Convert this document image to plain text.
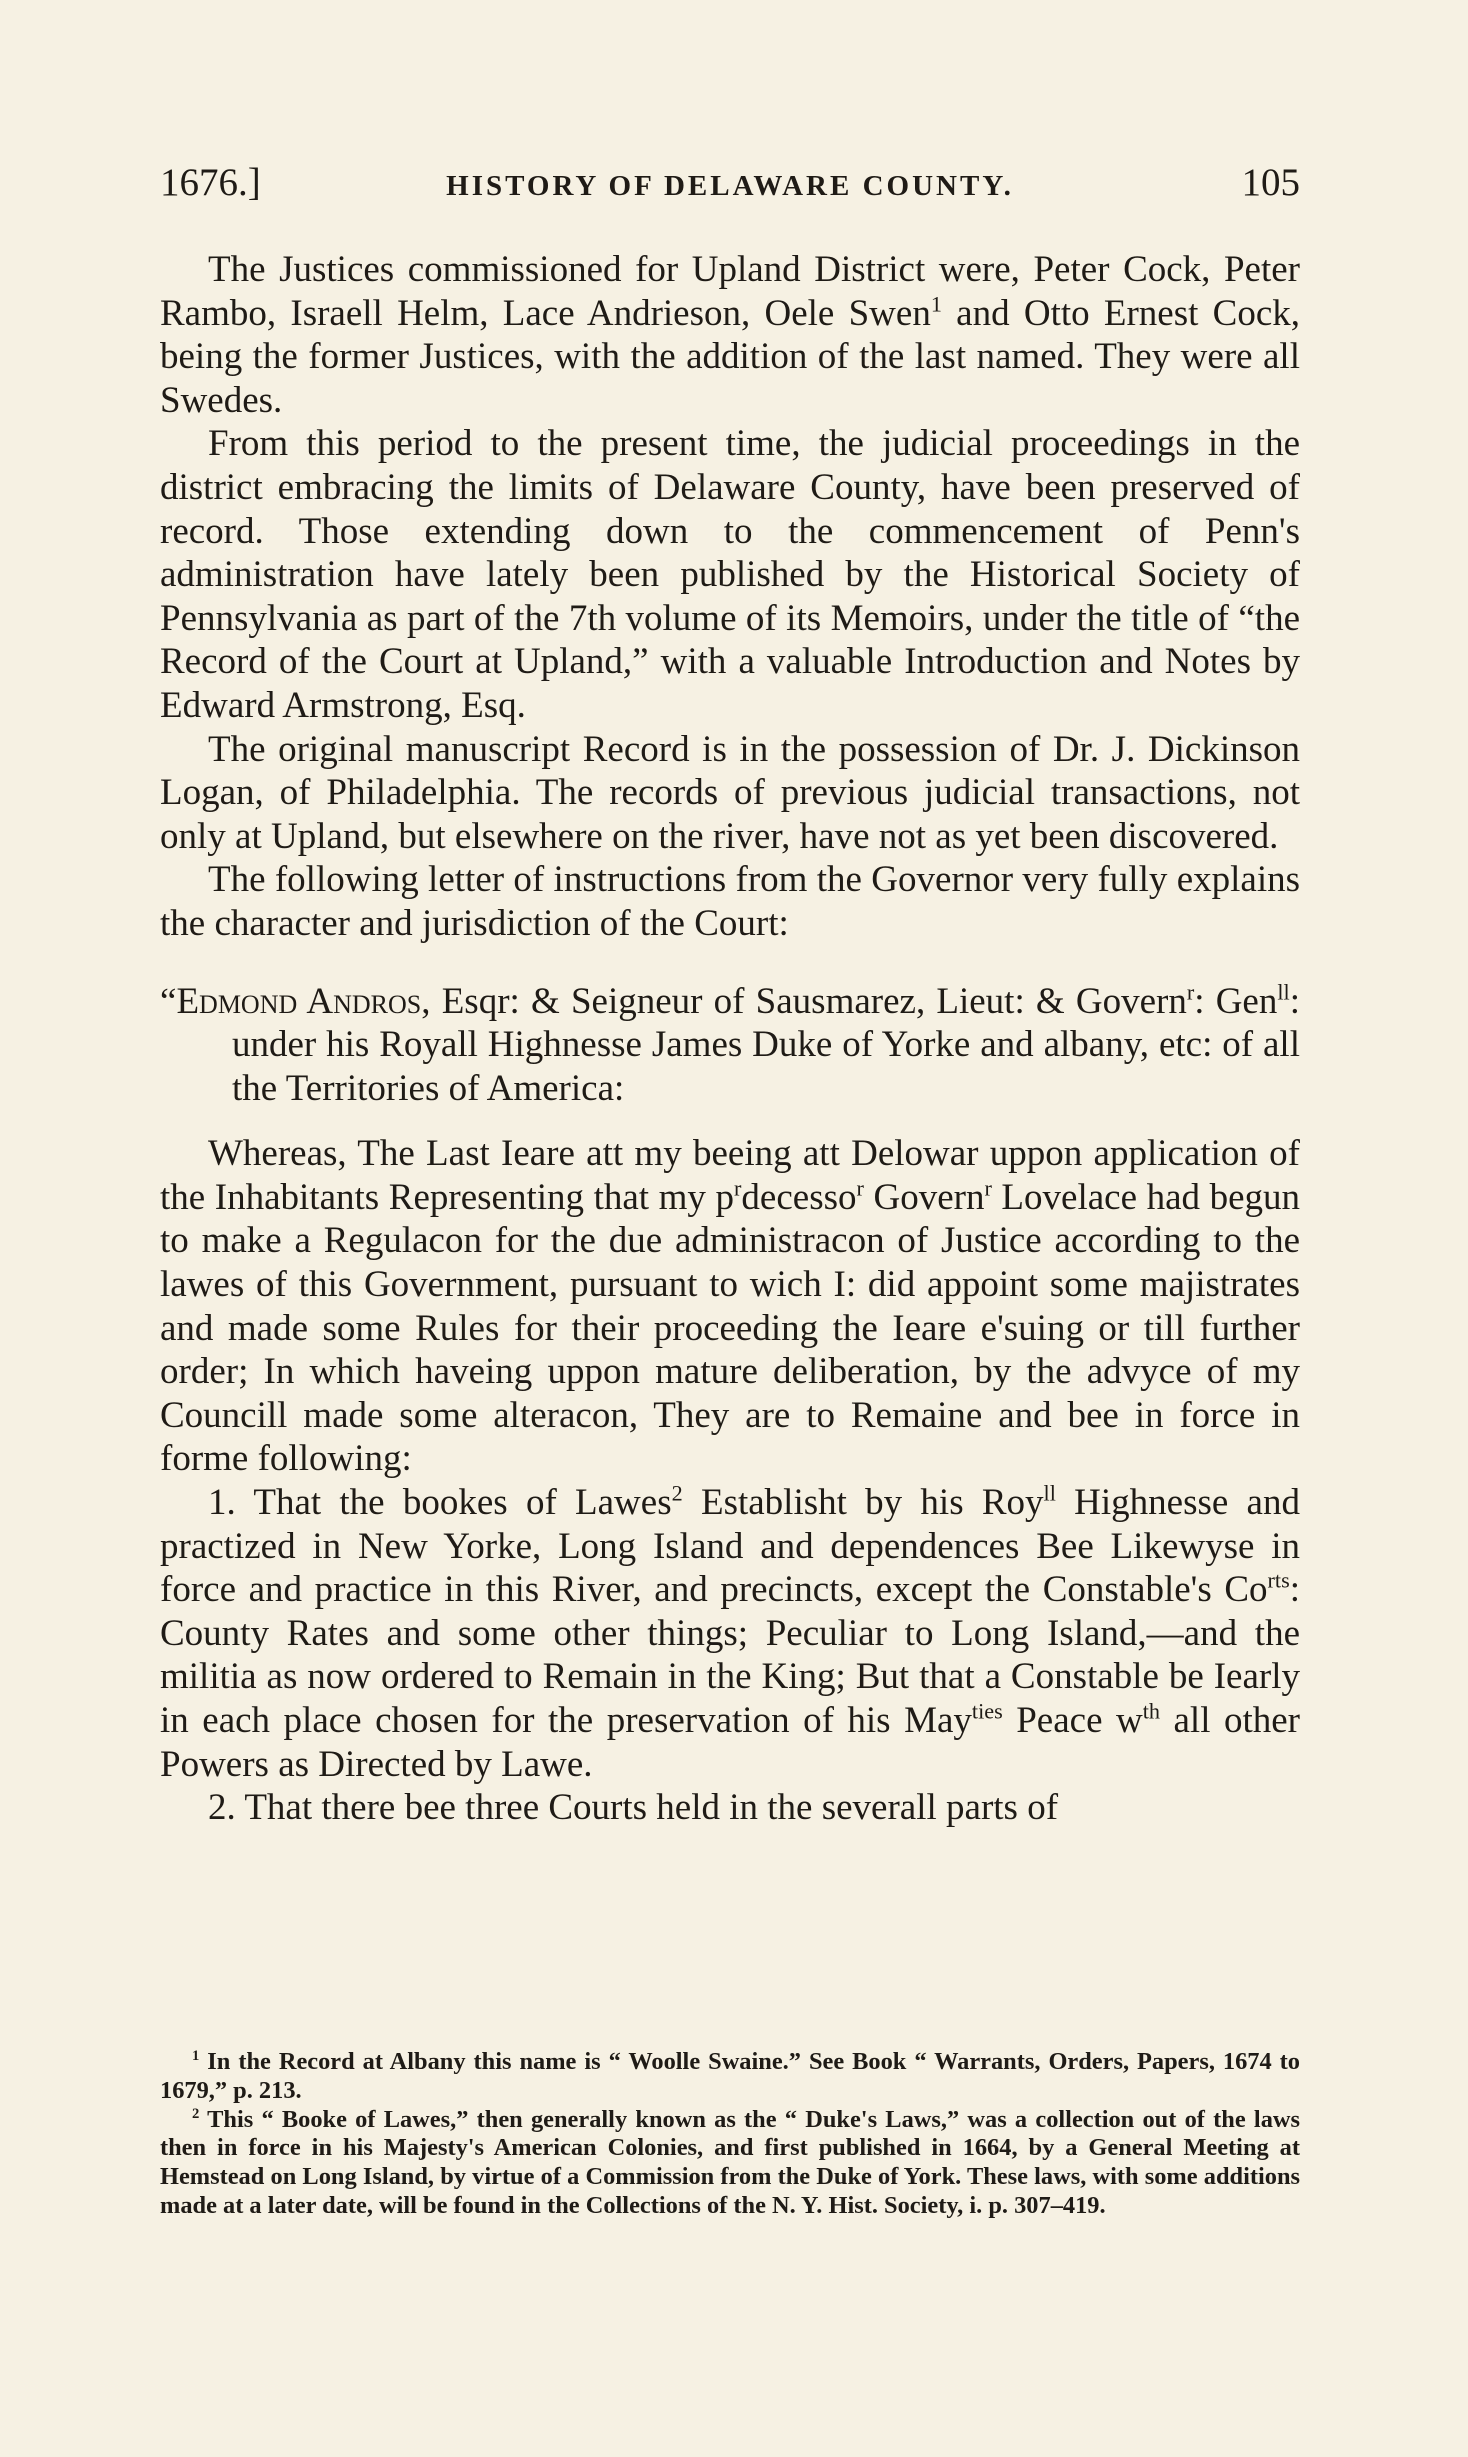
1676.]	HISTORY OF DELAWARE COUNTY.	105

The Justices commissioned for Upland District were, Peter Cock, Peter Rambo, Israell Helm, Lace Andrieson, Oele Swen$^1$ and Otto Ernest Cock, being the former Justices, with the addition of the last named. They were all Swedes.

From this period to the present time, the judicial proceedings in the district embracing the limits of Delaware County, have been preserved of record. Those extending down to the commencement of Penn's administration have lately been published by the Historical Society of Pennsylvania as part of the 7th volume of its Memoirs, under the title of “the Record of the Court at Upland,” with a valuable Introduction and Notes by Edward Armstrong, Esq.

The original manuscript Record is in the possession of Dr. J. Dickinson Logan, of Philadelphia. The records of previous judicial transactions, not only at Upland, but elsewhere on the river, have not as yet been discovered.

The following letter of instructions from the Governor very fully explains the character and jurisdiction of the Court:

“Edmond Andros, Esqr: & Seigneur of Sausmarez, Lieut: & Govern$^r$: Gen$^{ll}$: under his Royall Highnesse James Duke of Yorke and albany, etc: of all the Territories of America:

Whereas, The Last Ieare att my beeing att Delowar uppon application of the Inhabitants Representing that my $p^rdecesso^r$ Govern$^r$ Lovelace had begun to make a Regulacon for the due administracon of Justice according to the lawes of this Government, pursuant to wich I: did appoint some majistrates and made some Rules for their proceeding the Ieare e'suing or till further order; In which haveing uppon mature deliberation, by the advyce of my Councill made some alteracon, They are to Remaine and bee in force in forme following:

1. That the bookes of Lawes$^2$ Establisht by his Roy$^{ll}$ Highnesse and practized in New Yorke, Long Island and dependences Bee Likewyse in force and practice in this River, and precincts, except the Constable's $Co^{rts}$: County Rates and some other things; Peculiar to Long Island,—and the militia as now ordered to Remain in the King; But that a Constable be Iearly in each place chosen for the preservation of his May$^{ties}$ Peace $w^{th}$ all other Powers as Directed by Lawe.

2. That there bee three Courts held in the severall parts of

$^1$ In the Record at Albany this name is “ Woolle Swaine.” See Book “ Warrants, Orders, Papers, 1674 to 1679,” p. 213.

$^2$ This “ Booke of Lawes,” then generally known as the “ Duke's Laws,” was a collection out of the laws then in force in his Majesty's American Colonies, and first published in 1664, by a General Meeting at Hemstead on Long Island, by virtue of a Commission from the Duke of York. These laws, with some additions made at a later date, will be found in the Collections of the N. Y. Hist. Society, i. p. 307–419.
